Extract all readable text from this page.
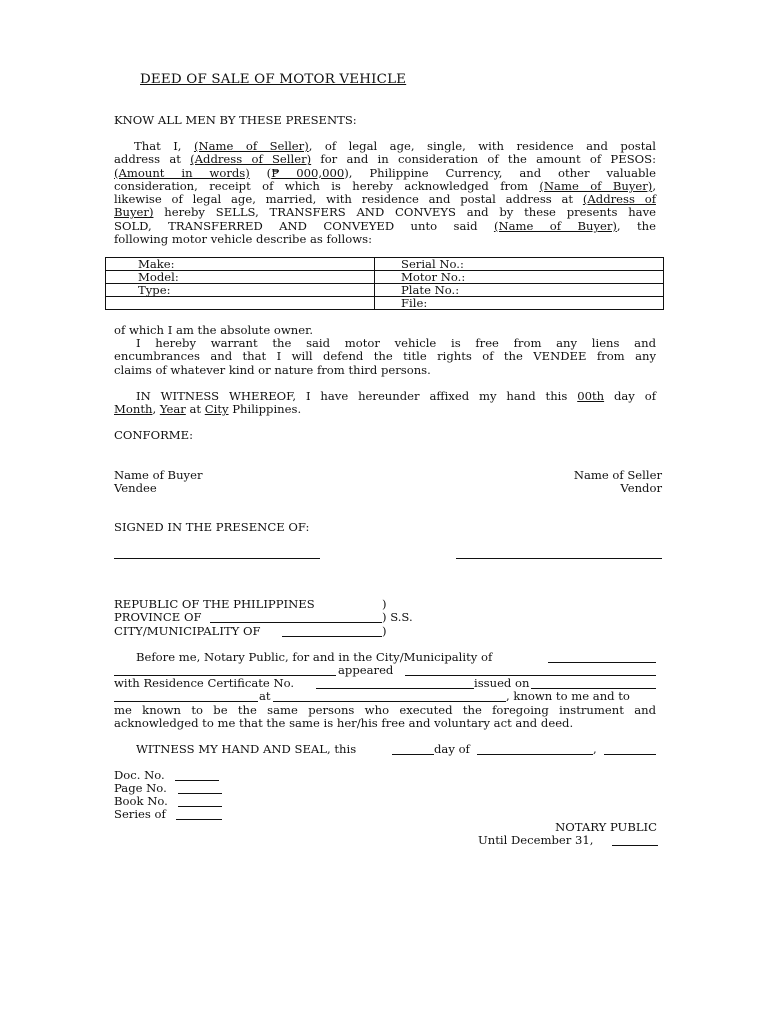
DEED OF SALE OF MOTOR VEHICLE
KNOW ALL MEN BY THESE PRESENTS:
That I, (Name of Seller), of legal age, single, with residence and postal
address at (Address of Seller) for and in consideration of the amount of PESOS:
(Amount in words) (₱ 000,000), Philippine Currency, and other valuable
consideration, receipt of which is hereby acknowledged from (Name of Buyer),
likewise of legal age, married, with residence and postal address at (Address of
Buyer) hereby SELLS, TRANSFERS AND CONVEYS and by these presents have
SOLD, TRANSFERRED AND CONVEYED unto said (Name of Buyer), the
following motor vehicle describe as follows:
Make:	Serial No.:
Model:	Motor No.:
Type:	Plate No.:
	File:
of which I am the absolute owner.
I hereby warrant the said motor vehicle is free from any liens and
encumbrances and that I will defend the title rights of the VENDEE from any
claims of whatever kind or nature from third persons.
IN WITNESS WHEREOF, I have hereunder affixed my hand this 00th day of
Month, Year at City Philippines.
CONFORME:
Name of Buyer
Vendee
Name of Seller
Vendor
SIGNED IN THE PRESENCE OF:
REPUBLIC OF THE PHILIPPINES	)
PROVINCE OF	) S.S.
CITY/MUNICIPALITY OF	)
Before me, Notary Public, for and in the City/Municipality of
appeared
with Residence Certificate No.	issued on
at	, known to me and to
me known to be the same persons who executed the foregoing instrument and
acknowledged to me that the same is her/his free and voluntary act and deed.
WITNESS MY HAND AND SEAL, this	day of	,
Doc. No.
Page No.
Book No.
Series of
NOTARY PUBLIC
Until December 31,
